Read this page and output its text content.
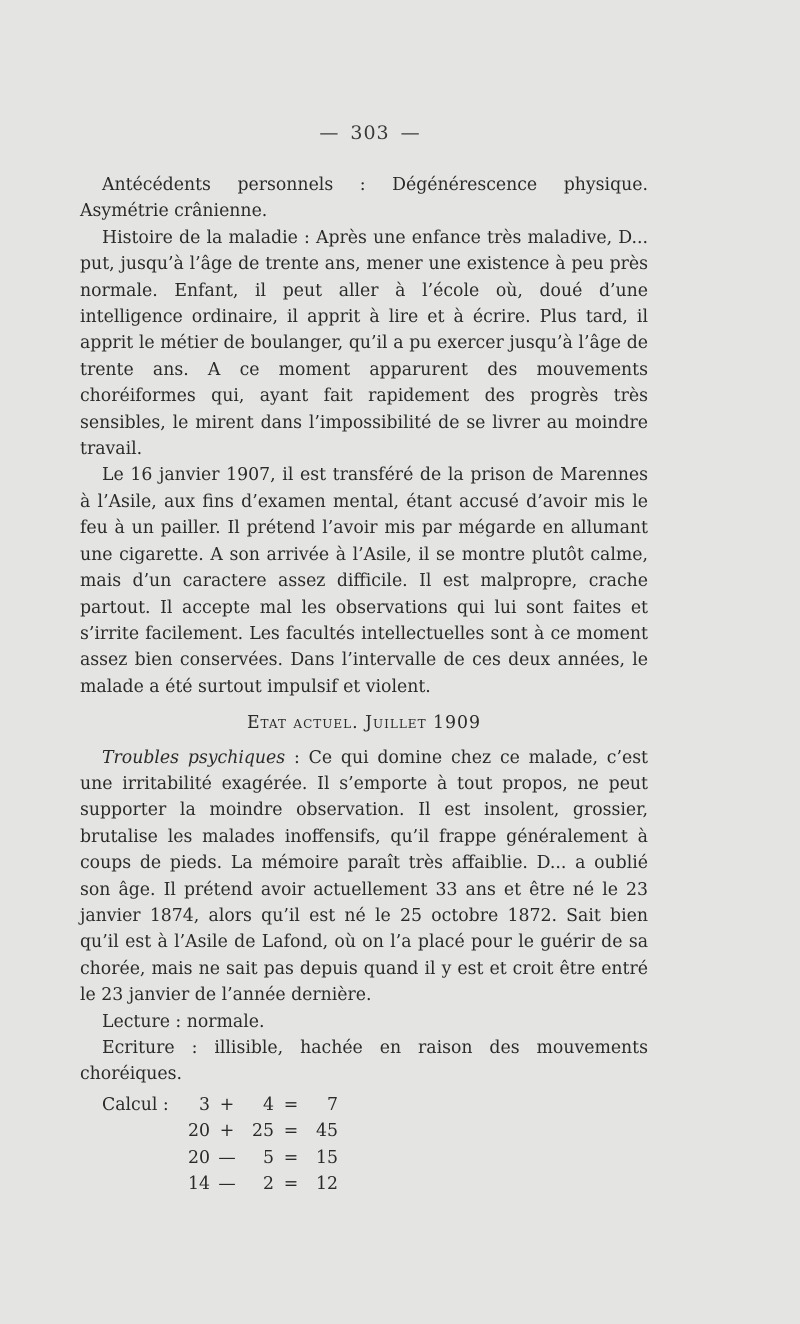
— 303 —

Antécédents personnels : Dégénérescence physique. Asymétrie crânienne.

Histoire de la maladie : Après une enfance très maladive, D... put, jusqu’à l’âge de trente ans, mener une existence à peu près normale. Enfant, il peut aller à l’école où, doué d’une intelligence ordinaire, il apprit à lire et à écrire. Plus tard, il apprit le métier de boulanger, qu’il a pu exercer jusqu’à l’âge de trente ans. A ce moment apparurent des mouvements choréiformes qui, ayant fait rapidement des progrès très sensibles, le mirent dans l’impossibilité de se livrer au moindre travail.

Le 16 janvier 1907, il est transféré de la prison de Marennes à l’Asile, aux fins d’examen mental, étant accusé d’avoir mis le feu à un pailler. Il prétend l’avoir mis par mégarde en allumant une cigarette. A son arrivée à l’Asile, il se montre plutôt calme, mais d’un caractere assez difficile. Il est malpropre, crache partout. Il accepte mal les observations qui lui sont faites et s’irrite facilement. Les facultés intellectuelles sont à ce moment assez bien conservées. Dans l’intervalle de ces deux années, le malade a été surtout impulsif et violent.

Etat actuel. Juillet 1909

Troubles psychiques : Ce qui domine chez ce malade, c’est une irritabilité exagérée. Il s’emporte à tout propos, ne peut supporter la moindre observation. Il est insolent, grossier, brutalise les malades inoffensifs, qu’il frappe généralement à coups de pieds. La mémoire paraît très affaiblie. D... a oublié son âge. Il prétend avoir actuellement 33 ans et être né le 23 janvier 1874, alors qu’il est né le 25 octobre 1872. Sait bien qu’il est à l’Asile de Lafond, où on l’a placé pour le guérir de sa chorée, mais ne sait pas depuis quand il y est et croit être entré le 23 janvier de l’année dernière.

Lecture : normale.

Ecriture : illisible, hachée en raison des mouvements choréiques.

Calcul :	3 +	4 =	7
20 +	25 =	45
20 —	5 =	15
14 —	2 =	12
